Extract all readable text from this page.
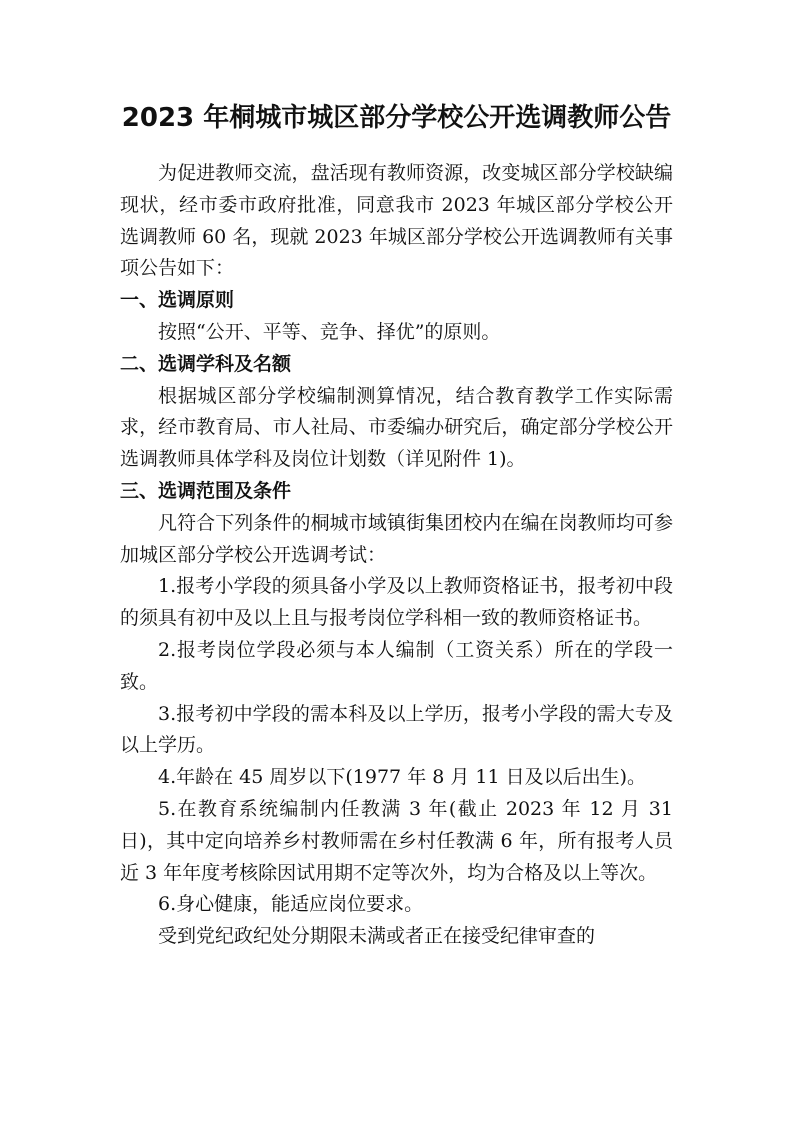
2023 年桐城市城区部分学校公开选调教师公告

为促进教师交流，盘活现有教师资源，改变城区部分学校缺编现状，经市委市政府批准，同意我市 2023 年城区部分学校公开选调教师 60 名，现就 2023 年城区部分学校公开选调教师有关事项公告如下：

一、选调原则

按照“公开、平等、竞争、择优”的原则。

二、选调学科及名额

根据城区部分学校编制测算情况，结合教育教学工作实际需求，经市教育局、市人社局、市委编办研究后，确定部分学校公开选调教师具体学科及岗位计划数（详见附件 1)。

三、选调范围及条件

凡符合下列条件的桐城市域镇街集团校内在编在岗教师均可参加城区部分学校公开选调考试：

1.报考小学段的须具备小学及以上教师资格证书，报考初中段的须具有初中及以上且与报考岗位学科相一致的教师资格证书。

2.报考岗位学段必须与本人编制（工资关系）所在的学段一致。

3.报考初中学段的需本科及以上学历，报考小学段的需大专及以上学历。

4.年龄在 45 周岁以下(1977 年 8 月 11 日及以后出生)。

5.在教育系统编制内任教满 3 年(截止 2023 年 12 月 31 日)，其中定向培养乡村教师需在乡村任教满 6 年，所有报考人员近 3 年年度考核除因试用期不定等次外，均为合格及以上等次。

6.身心健康，能适应岗位要求。

受到党纪政纪处分期限未满或者正在接受纪律审查的
